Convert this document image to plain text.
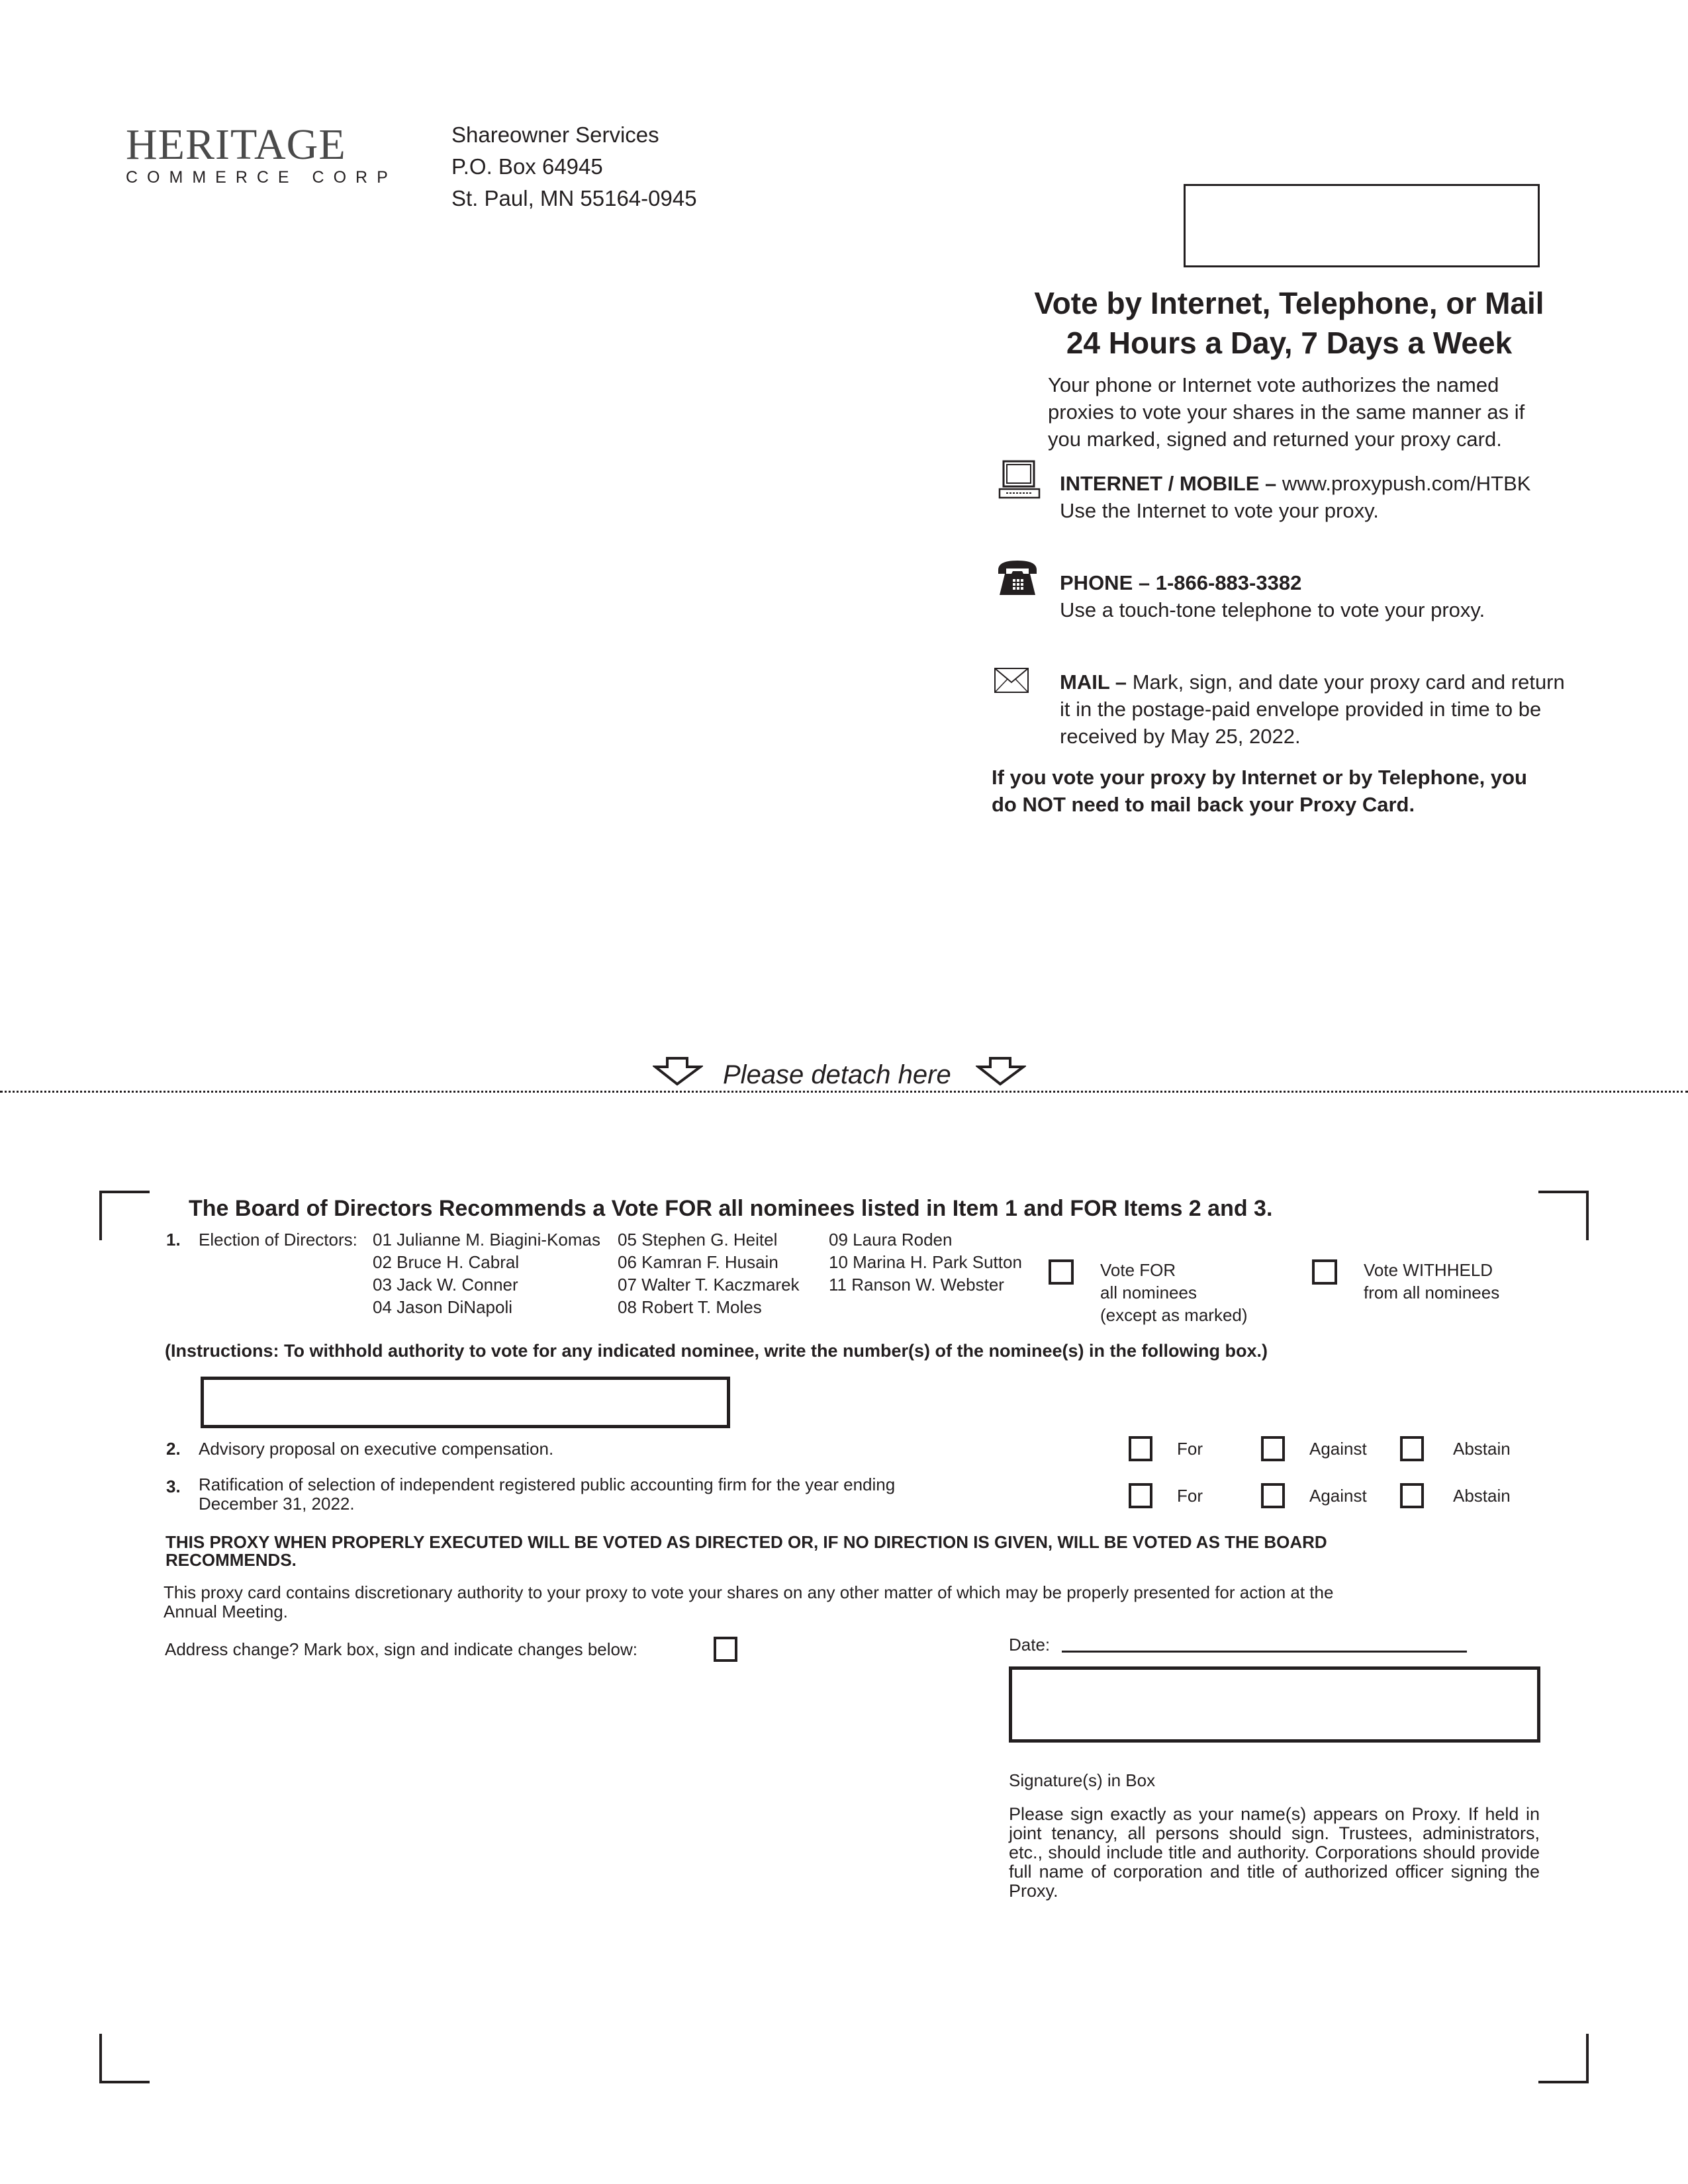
HERITAGE
COMMERCE CORP
Shareowner Services
P.O. Box 64945
St. Paul, MN 55164-0945
Vote by Internet, Telephone, or Mail
24 Hours a Day, 7 Days a Week
Your phone or Internet vote authorizes the named
proxies to vote your shares in the same manner as if
you marked, signed and returned your proxy card.
INTERNET / MOBILE – www.proxypush.com/HTBK
Use the Internet to vote your proxy.
PHONE – 1-866-883-3382
Use a touch-tone telephone to vote your proxy.
MAIL – Mark, sign, and date your proxy card and return
it in the postage-paid envelope provided in time to be
received by May 25, 2022.
If you vote your proxy by Internet or by Telephone, you
do NOT need to mail back your Proxy Card.
Please detach here
The Board of Directors Recommends a Vote FOR all nominees listed in Item 1 and FOR Items 2 and 3.
1. Election of Directors: 01 Julianne M. Biagini-Komas
02 Bruce H. Cabral
03 Jack W. Conner
04 Jason DiNapoli
05 Stephen G. Heitel
06 Kamran F. Husain
07 Walter T. Kaczmarek
08 Robert T. Moles
09 Laura Roden
10 Marina H. Park Sutton
11 Ranson W. Webster
Vote FOR
all nominees
(except as marked)
Vote WITHHELD
from all nominees
(Instructions: To withhold authority to vote for any indicated nominee, write the number(s) of the nominee(s) in the following box.)
2. Advisory proposal on executive compensation.	For	Against	Abstain
3. Ratification of selection of independent registered public accounting firm for the year ending
December 31, 2022.	For	Against	Abstain
THIS PROXY WHEN PROPERLY EXECUTED WILL BE VOTED AS DIRECTED OR, IF NO DIRECTION IS GIVEN, WILL BE VOTED AS THE BOARD
RECOMMENDS.
This proxy card contains discretionary authority to your proxy to vote your shares on any other matter of which may be properly presented for action at the
Annual Meeting.
Address change? Mark box, sign and indicate changes below:	Date:
Signature(s) in Box
Please sign exactly as your name(s) appears on Proxy. If held in joint tenancy, all persons should sign. Trustees, administrators, etc., should include title and authority. Corporations should provide full name of corporation and title of authorized officer signing the Proxy.
